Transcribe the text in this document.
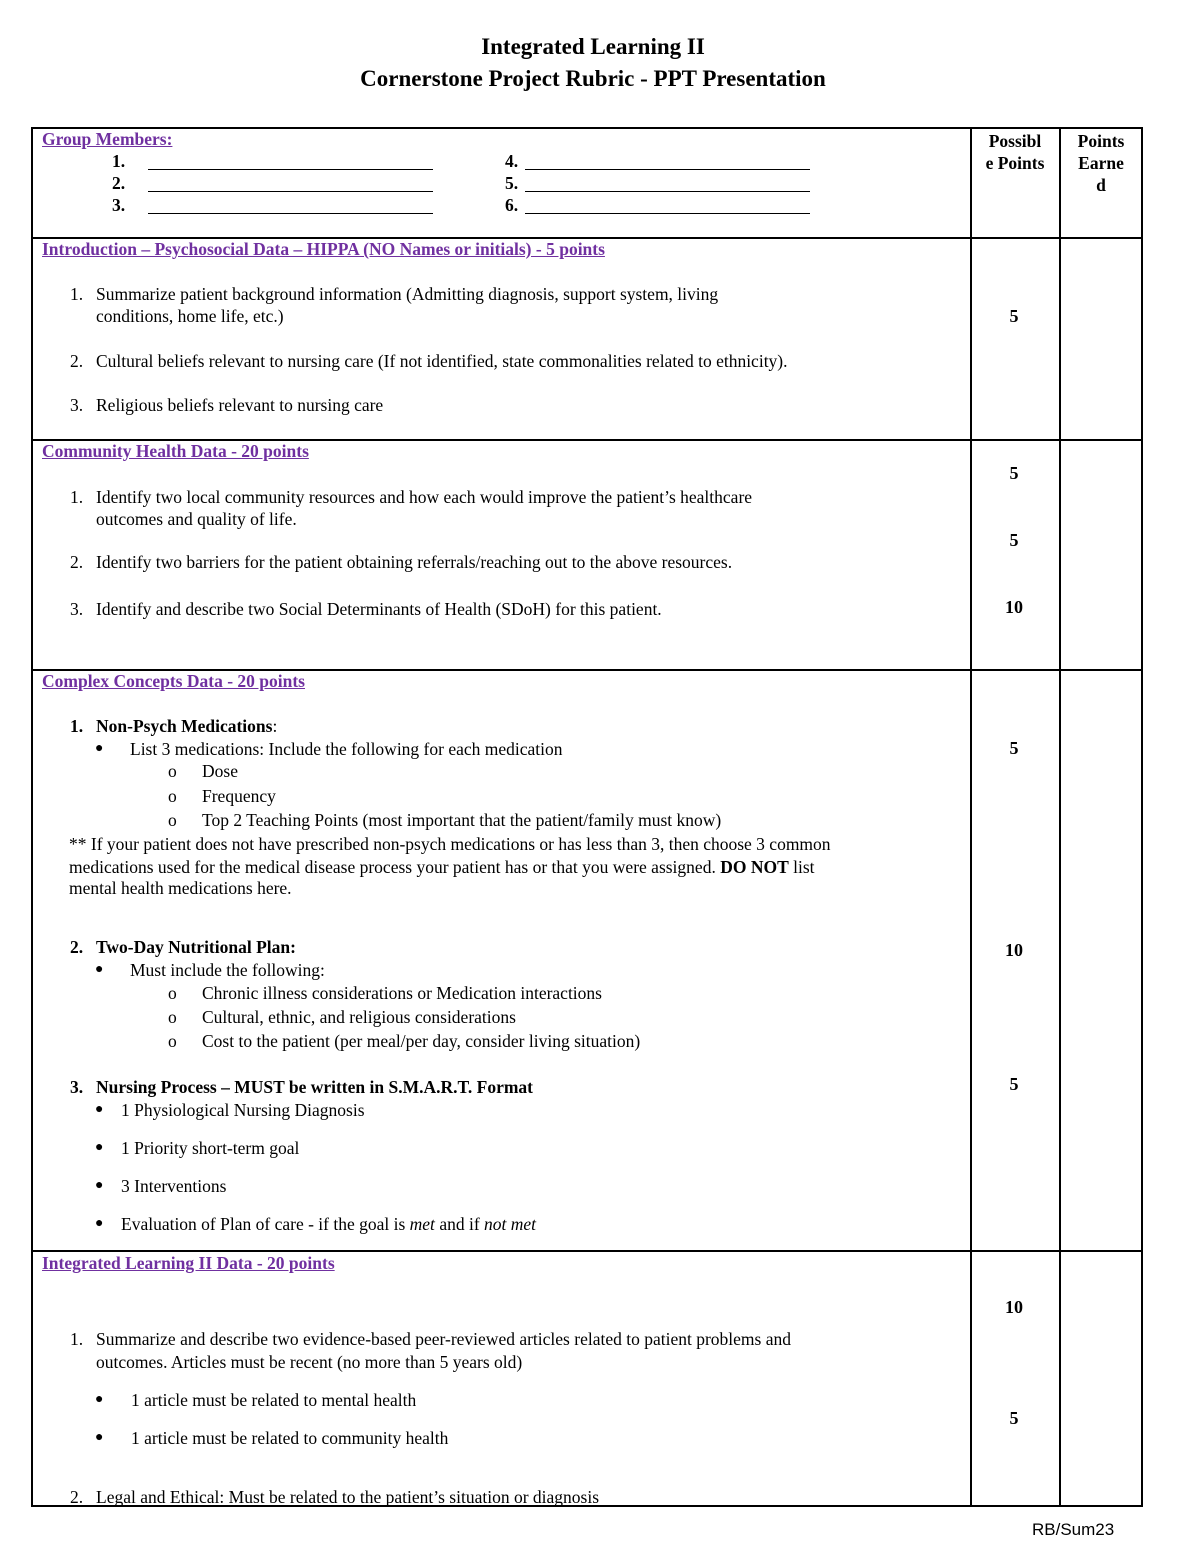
Integrated Learning II
Cornerstone Project Rubric - PPT Presentation
Group Members:
1.
2.
3.
4.
5.
6.
Possibl
e Points
Points
Earne
d
Introduction – Psychosocial Data – HIPPA (NO Names or initials) - 5 points
1. Summarize patient background information (Admitting diagnosis, support system, living
conditions, home life, etc.)
2. Cultural beliefs relevant to nursing care (If not identified, state commonalities related to ethnicity).
3. Religious beliefs relevant to nursing care
5
Community Health Data - 20 points
1. Identify two local community resources and how each would improve the patient’s healthcare
outcomes and quality of life.
2. Identify two barriers for the patient obtaining referrals/reaching out to the above resources.
3. Identify and describe two Social Determinants of Health (SDoH) for this patient.
5
5
10
Complex Concepts Data - 20 points
1. Non-Psych Medications:
● List 3 medications: Include the following for each medication
o Dose
o Frequency
o Top 2 Teaching Points (most important that the patient/family must know)
** If your patient does not have prescribed non-psych medications or has less than 3, then choose 3 common
medications used for the medical disease process your patient has or that you were assigned. DO NOT list
mental health medications here.
2. Two-Day Nutritional Plan:
● Must include the following:
o Chronic illness considerations or Medication interactions
o Cultural, ethnic, and religious considerations
o Cost to the patient (per meal/per day, consider living situation)
3. Nursing Process – MUST be written in S.M.A.R.T. Format
● 1 Physiological Nursing Diagnosis
● 1 Priority short-term goal
● 3 Interventions
● Evaluation of Plan of care - if the goal is met and if not met
5
10
5
Integrated Learning II Data - 20 points
1. Summarize and describe two evidence-based peer-reviewed articles related to patient problems and
outcomes. Articles must be recent (no more than 5 years old)
● 1 article must be related to mental health
● 1 article must be related to community health
2. Legal and Ethical: Must be related to the patient’s situation or diagnosis
10
5
RB/Sum23
